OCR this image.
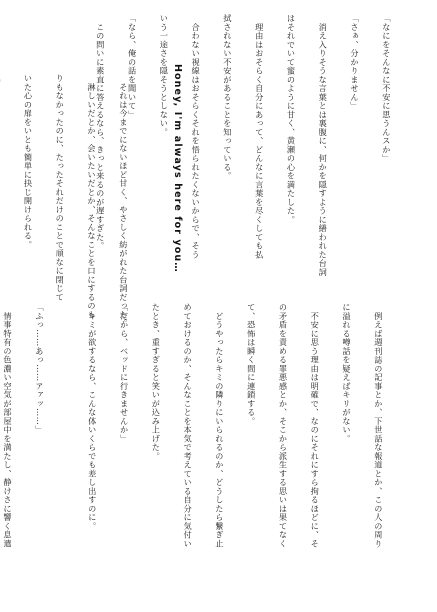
「なにをそんなに不安に思うんスか」

「さぁ、分かりません」

　消え入りそうな言葉とは裏腹に、何かを隠すように繕われた台詞

はそれでいて蜜のように甘く、黄瀬の心を満たした。

　理由はおそらく自分にあって、どんなに言葉を尽くしても払

拭されない不安があることを知っている。

　合わない視線はおそらくそれを悟られたくないからで、そう

いう一途さを隠そうとしない。

「なら、俺の話を聞いて」

　この問いに素直に答えるなら、きっと来るのが遅すぎた。

	Honey, I'm always here for you…

　それは今までにないほど甘く、やさしく紡がれた台詞だった。

　淋しいだとか、会いたいだとか、そんなことを口にするのも

りもなかったのに、たったそれだけのことで頑なに閉じて

いた心の扉をいとも簡単に抉じ開けられる。

　例えば週刊誌の記事とか、下世話な報道とか、この人の周り

に溢れる噂話を疑えばキリがない。

　不安に思う理由は明確で、なのにそれにすら拘るほどに、そ

の矛盾を責める罪悪感とか、そこから派生する思いは果てなく

て、恐怖は瞬く間に連鎖する。

　どうやったらキミの隣りにいられるのか、どうしたら繋ぎ止

めておけるのか、そんなことを本気で考えている自分に気付い

たとき、重すぎると笑いが込み上げた。

「だから、ベッドに行きませんか」

　キミが欲するなら、こんな体いくらでも差し出すのに。

「ふっ……あっ……アァッ……」

　情事特有の色濃い空気が部屋中を満たし、静けさに響く息遣
